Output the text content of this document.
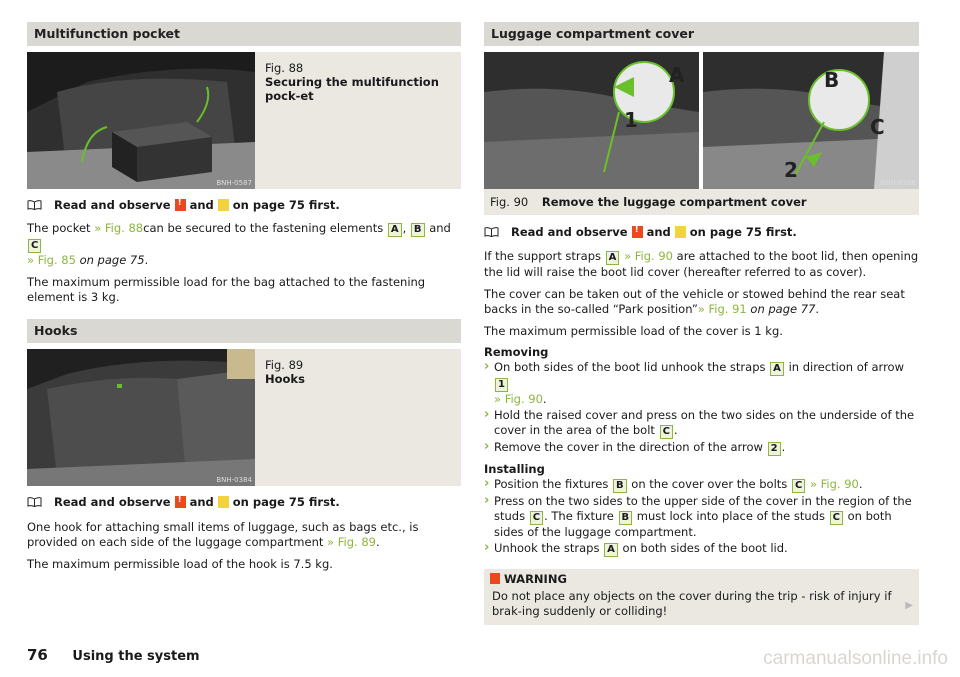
Multifunction pocket
BNH-0587
Fig. 88
Securing the multifunction pock-et
Read and observe ! and on page 75 first.

The pocket » Fig. 88can be secured to the fastening elements A , B and C
» Fig. 85 on page 75.

The maximum permissible load for the bag attached to the fastening element is 3 kg.

Hooks
BNH-0384
Fig. 89
Hooks
Read and observe ! and on page 75 first.

One hook for attaching small items of luggage, such as bags etc., is provided on each side of the luggage compartment » Fig. 89.

The maximum permissible load of the hook is 7.5 kg.

Luggage compartment cover
A
1
B
C
2
BNH-0386
Fig. 90 Remove the luggage compartment cover
Read and observe ! and on page 75 first.

If the support straps A » Fig. 90 are attached to the boot lid, then opening the lid will raise the boot lid cover (hereafter referred to as cover).

The cover can be taken out of the vehicle or stowed behind the rear seat backs in the so-called “Park position”» Fig. 91 on page 77.

The maximum permissible load of the cover is 1 kg.

Removing
› On both sides of the boot lid unhook the straps A in direction of arrow 1
» Fig. 90.
› Hold the raised cover and press on the two sides on the underside of the cover in the area of the bolt C .
› Remove the cover in the direction of the arrow 2 .
Installing
› Position the fixtures B on the cover over the bolts C » Fig. 90.
› Press on the two sides to the upper side of the cover in the region of the studs C . The fixture B must lock into place of the studs C on both sides of the luggage compartment.
› Unhook the straps A on both sides of the boot lid.
WARNING
Do not place any objects on the cover during the trip - risk of injury if brak-ing suddenly or colliding!	▶
76 Using the system	carmanualsonline.info
